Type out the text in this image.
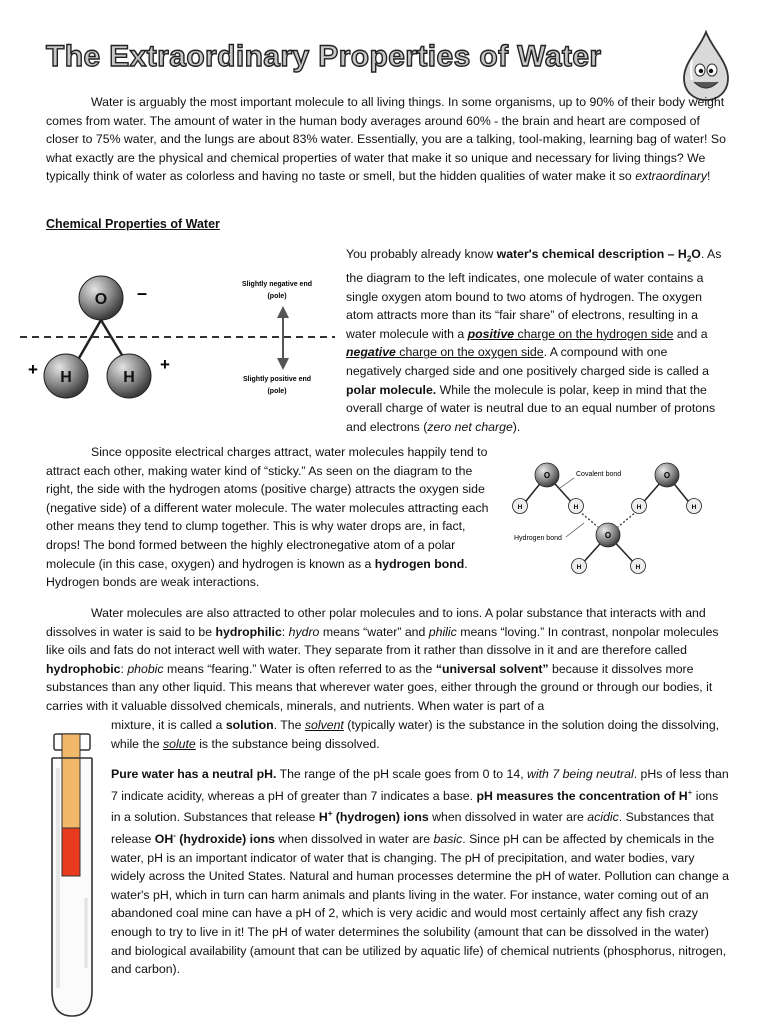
The Extraordinary Properties of Water

Water is arguably the most important molecule to all living things. In some organisms, up to 90% of their body weight comes from water. The amount of water in the human body averages around 60% - the brain and heart are composed of closer to 75% water, and the lungs are about 83% water. Essentially, you are a talking, tool-making, learning bag of water! So what exactly are the physical and chemical properties of water that make it so unique and necessary for living things? We typically think of water as colorless and having no taste or smell, but the hidden qualities of water make it so extraordinary!

Chemical Properties of Water
O
H	H
–
+	+
Slightly negative end
(pole)
Slightly positive end
(pole)

You probably already know water's chemical description – $H_2O$. As the diagram to the left indicates, one molecule of water contains a single oxygen atom bound to two atoms of hydrogen. The oxygen atom attracts more than its “fair share” of electrons, resulting in a water molecule with a positive charge on the hydrogen side and a negative charge on the oxygen side. A compound with one negatively charged side and one positively charged side is called a polar molecule. While the molecule is polar, keep in mind that the overall charge of water is neutral due to an equal number of protons and electrons (zero net charge).

Since opposite electrical charges attract, water molecules happily tend to attract each other, making water kind of “sticky.” As seen on the diagram to the right, the side with the hydrogen atoms (positive charge) attracts the oxygen side (negative side) of a different water molecule. The water molecules attracting each other means they tend to clump together. This is why water drops are, in fact, drops! The bond formed between the highly electronegative atom of a polar molecule (in this case, oxygen) and hydrogen is known as a hydrogen bond. Hydrogen bonds are weak interactions.

O	O
O
H	H	H	H
H	H
Covalent bond
Hydrogen bond

Water molecules are also attracted to other polar molecules and to ions. A polar substance that interacts with and dissolves in water is said to be hydrophilic: hydro means “water” and philic means “loving.” In contrast, nonpolar molecules like oils and fats do not interact well with water. They separate from it rather than dissolve in it and are therefore called hydrophobic: phobic means “fearing.” Water is often referred to as the “universal solvent” because it dissolves more substances than any other liquid. This means that wherever water goes, either through the ground or through our bodies, it carries with it valuable dissolved chemicals, minerals, and nutrients. When water is part of a

mixture, it is called a solution. The solvent (typically water) is the substance in the solution doing the dissolving, while the solute is the substance being dissolved.

Pure water has a neutral pH. The range of the pH scale goes from 0 to 14, with 7 being neutral. pHs of less than 7 indicate acidity, whereas a pH of greater than 7 indicates a base. pH measures the concentration of H+ ions in a solution. Substances that release H+ (hydrogen) ions when dissolved in water are acidic. Substances that release OH- (hydroxide) ions when dissolved in water are basic. Since pH can be affected by chemicals in the water, pH is an important indicator of water that is changing. The pH of precipitation, and water bodies, vary widely across the United States. Natural and human processes determine the pH of water. Pollution can change a water's pH, which in turn can harm animals and plants living in the water. For instance, water coming out of an abandoned coal mine can have a pH of 2, which is very acidic and would most certainly affect any fish crazy enough to try to live in it! The pH of water determines the solubility (amount that can be dissolved in the water) and biological availability (amount that can be utilized by aquatic life) of chemical nutrients (phosphorus, nitrogen, and carbon).
